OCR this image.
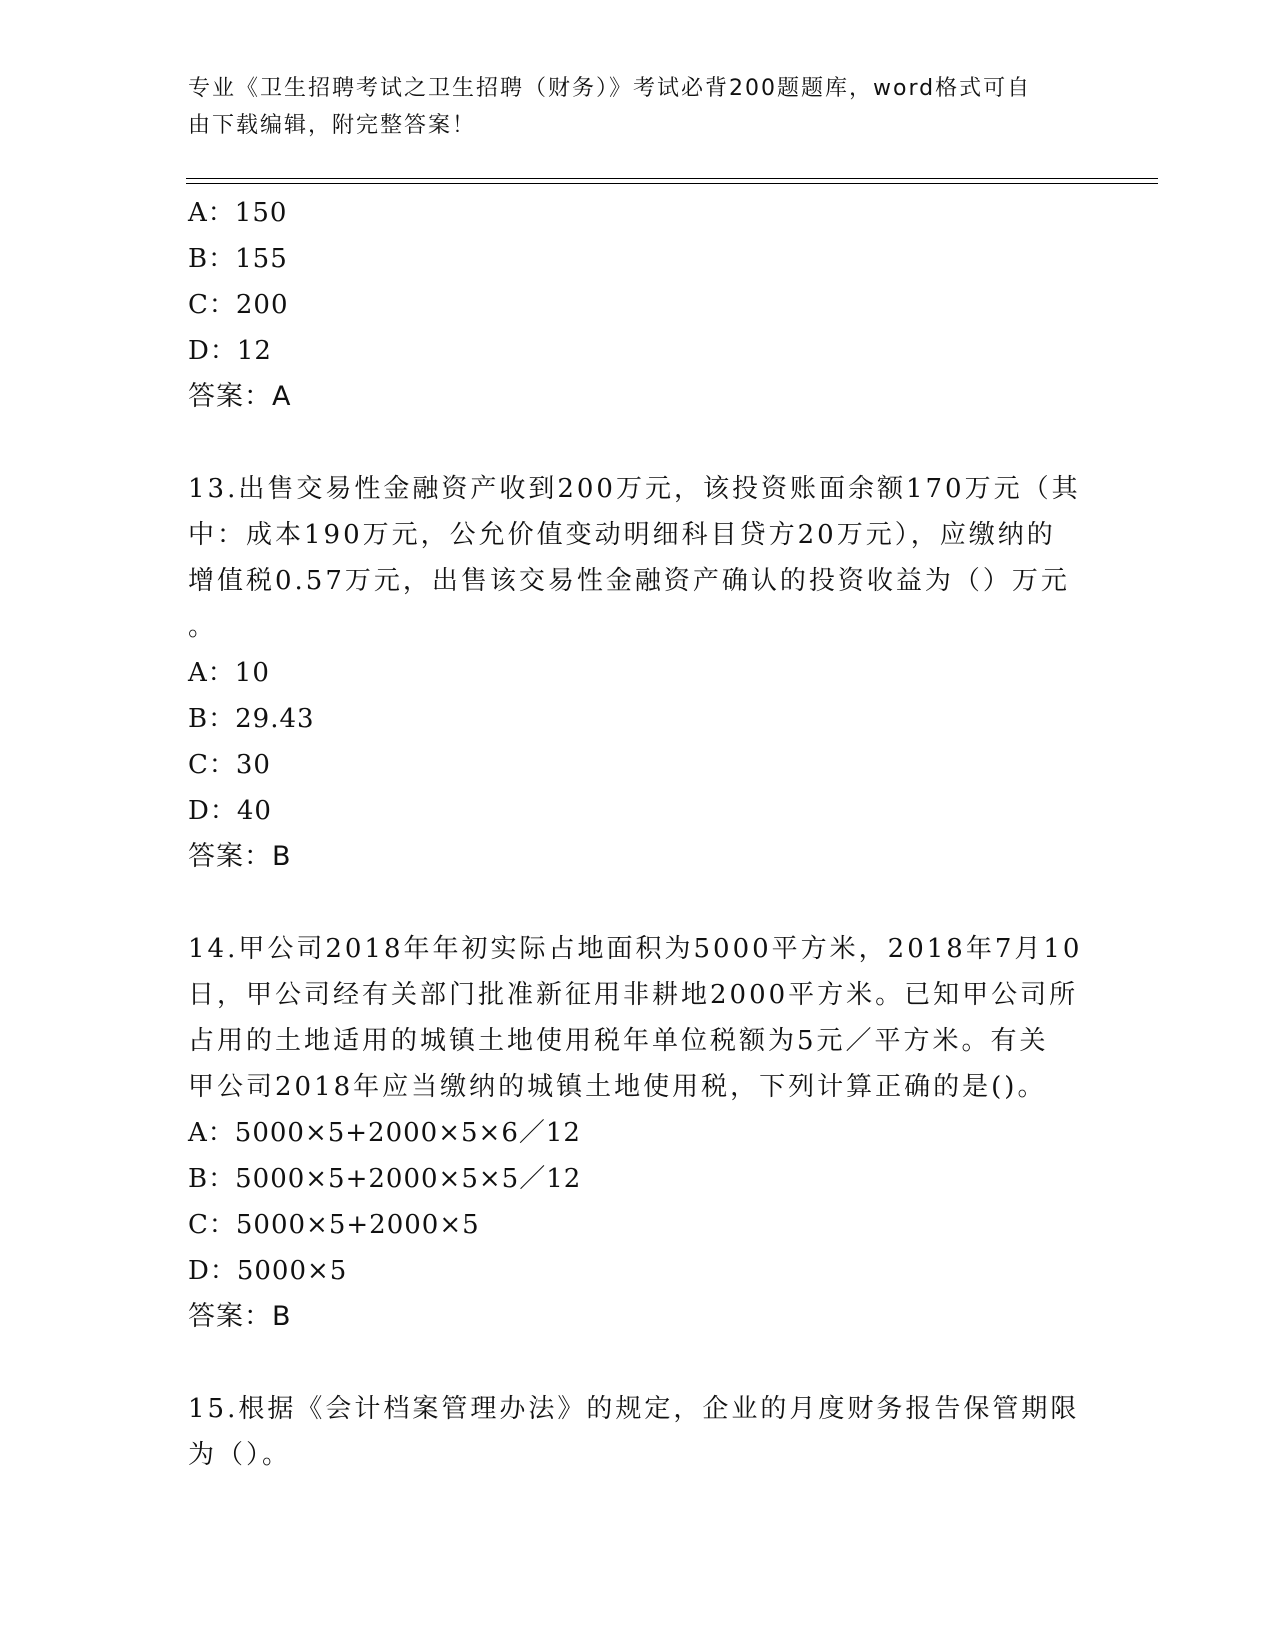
专业《卫生招聘考试之卫生招聘（财务）》考试必背200题题库，word格式可自
由下载编辑，附完整答案！
A：150
B：155
C：200
D：12
答案：A
13.出售交易性金融资产收到200万元，该投资账面余额170万元（其
中：成本190万元，公允价值变动明细科目贷方20万元），应缴纳的
增值税0.57万元，出售该交易性金融资产确认的投资收益为（）万元
。
A：10
B：29.43
C：30
D：40
答案：B
14.甲公司2018年年初实际占地面积为5000平方米，2018年7月10
日，甲公司经有关部门批准新征用非耕地2000平方米。已知甲公司所
占用的土地适用的城镇土地使用税年单位税额为5元／平方米。有关
甲公司2018年应当缴纳的城镇土地使用税，下列计算正确的是()。
A：5000×5+2000×5×6／12
B：5000×5+2000×5×5／12
C：5000×5+2000×5
D：5000×5
答案：B
15.根据《会计档案管理办法》的规定，企业的月度财务报告保管期限
为（）。
